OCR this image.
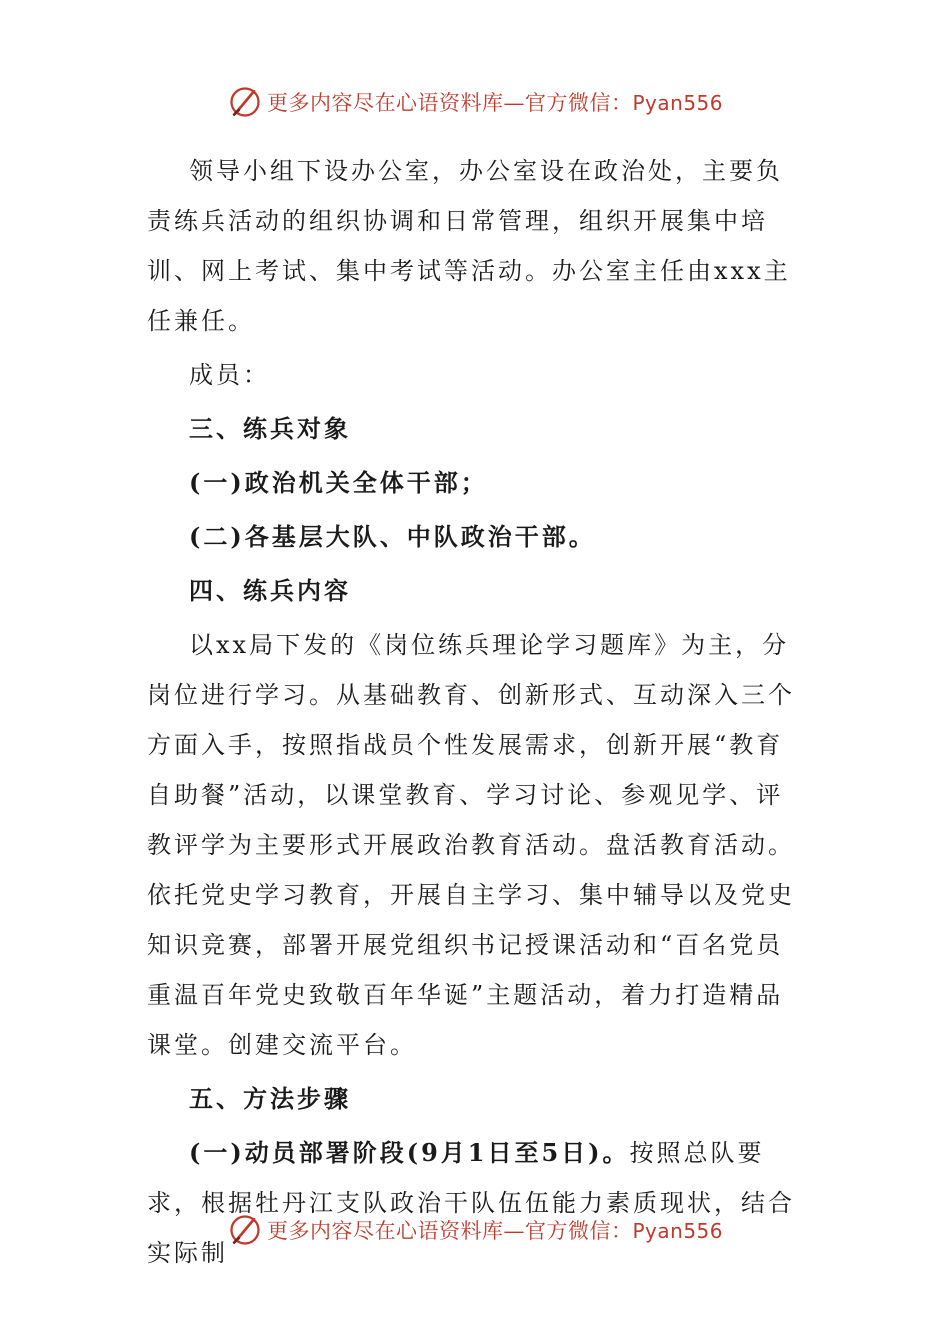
更多内容尽在心语资料库—官方微信：Pyan556

领导小组下设办公室，办公室设在政治处，主要负责练兵活动的组织协调和日常管理，组织开展集中培训、网上考试、集中考试等活动。办公室主任由xxx主任兼任。

成员：

三、练兵对象

(一)政治机关全体干部；

(二)各基层大队、中队政治干部。

四、练兵内容

以xx局下发的《岗位练兵理论学习题库》为主，分岗位进行学习。从基础教育、创新形式、互动深入三个方面入手，按照指战员个性发展需求，创新开展“教育自助餐”活动，以课堂教育、学习讨论、参观见学、评教评学为主要形式开展政治教育活动。盘活教育活动。依托党史学习教育，开展自主学习、集中辅导以及党史知识竞赛，部署开展党组织书记授课活动和“百名党员重温百年党史致敬百年华诞”主题活动，着力打造精品课堂。创建交流平台。

五、方法步骤

(一)动员部署阶段(9月1日至5日)。按照总队要求，根据牡丹江支队政治干队伍伍能力素质现状，结合实际制

更多内容尽在心语资料库—官方微信：Pyan556
